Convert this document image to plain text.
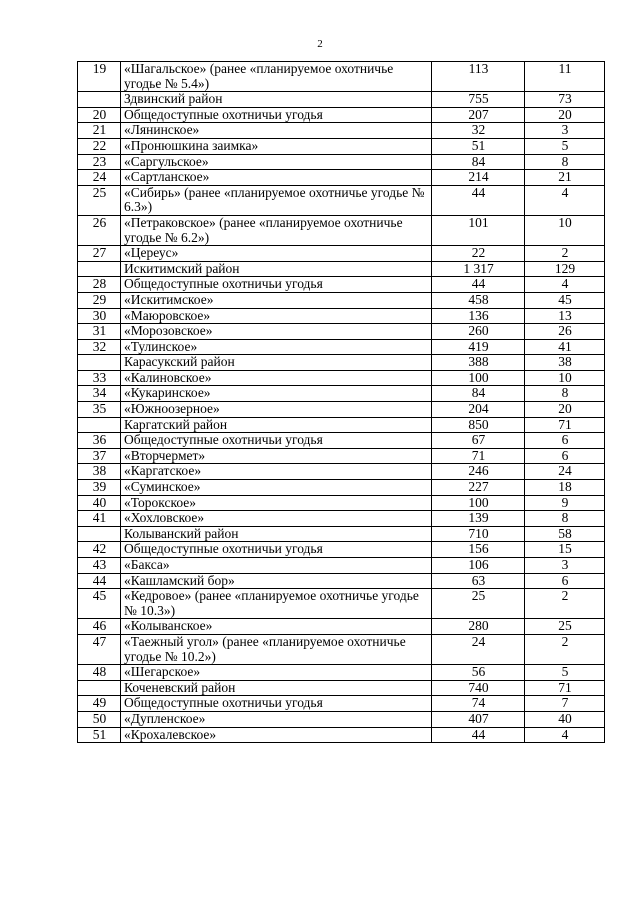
2
19	«Шагальское» (ранее «планируемое охотничье угодье № 5.4»)	113	11
	Здвинский район	755	73
20	Общедоступные охотничьи угодья	207	20
21	«Лянинское»	32	3
22	«Пронюшкина заимка»	51	5
23	«Саргульское»	84	8
24	«Сартланское»	214	21
25	«Сибирь» (ранее «планируемое охотничье угодье № 6.3»)	44	4
26	«Петраковское» (ранее «планируемое охотничье угодье № 6.2»)	101	10
27	«Цереус»	22	2
	Искитимский район	1 317	129
28	Общедоступные охотничьи угодья	44	4
29	«Искитимское»	458	45
30	«Маюровское»	136	13
31	«Морозовское»	260	26
32	«Тулинское»	419	41
	Карасукский район	388	38
33	«Калиновское»	100	10
34	«Кукаринское»	84	8
35	«Южноозерное»	204	20
	Каргатский район	850	71
36	Общедоступные охотничьи угодья	67	6
37	«Вторчермет»	71	6
38	«Каргатское»	246	24
39	«Суминское»	227	18
40	«Торокское»	100	9
41	«Хохловское»	139	8
	Колыванский район	710	58
42	Общедоступные охотничьи угодья	156	15
43	«Бакса»	106	3
44	«Кашламский бор»	63	6
45	«Кедровое» (ранее «планируемое охотничье угодье № 10.3»)	25	2
46	«Колыванское»	280	25
47	«Таежный угол» (ранее «планируемое охотничье угодье № 10.2»)	24	2
48	«Шегарское»	56	5
	Коченевский район	740	71
49	Общедоступные охотничьи угодья	74	7
50	«Дупленское»	407	40
51	«Крохалевское»	44	4
